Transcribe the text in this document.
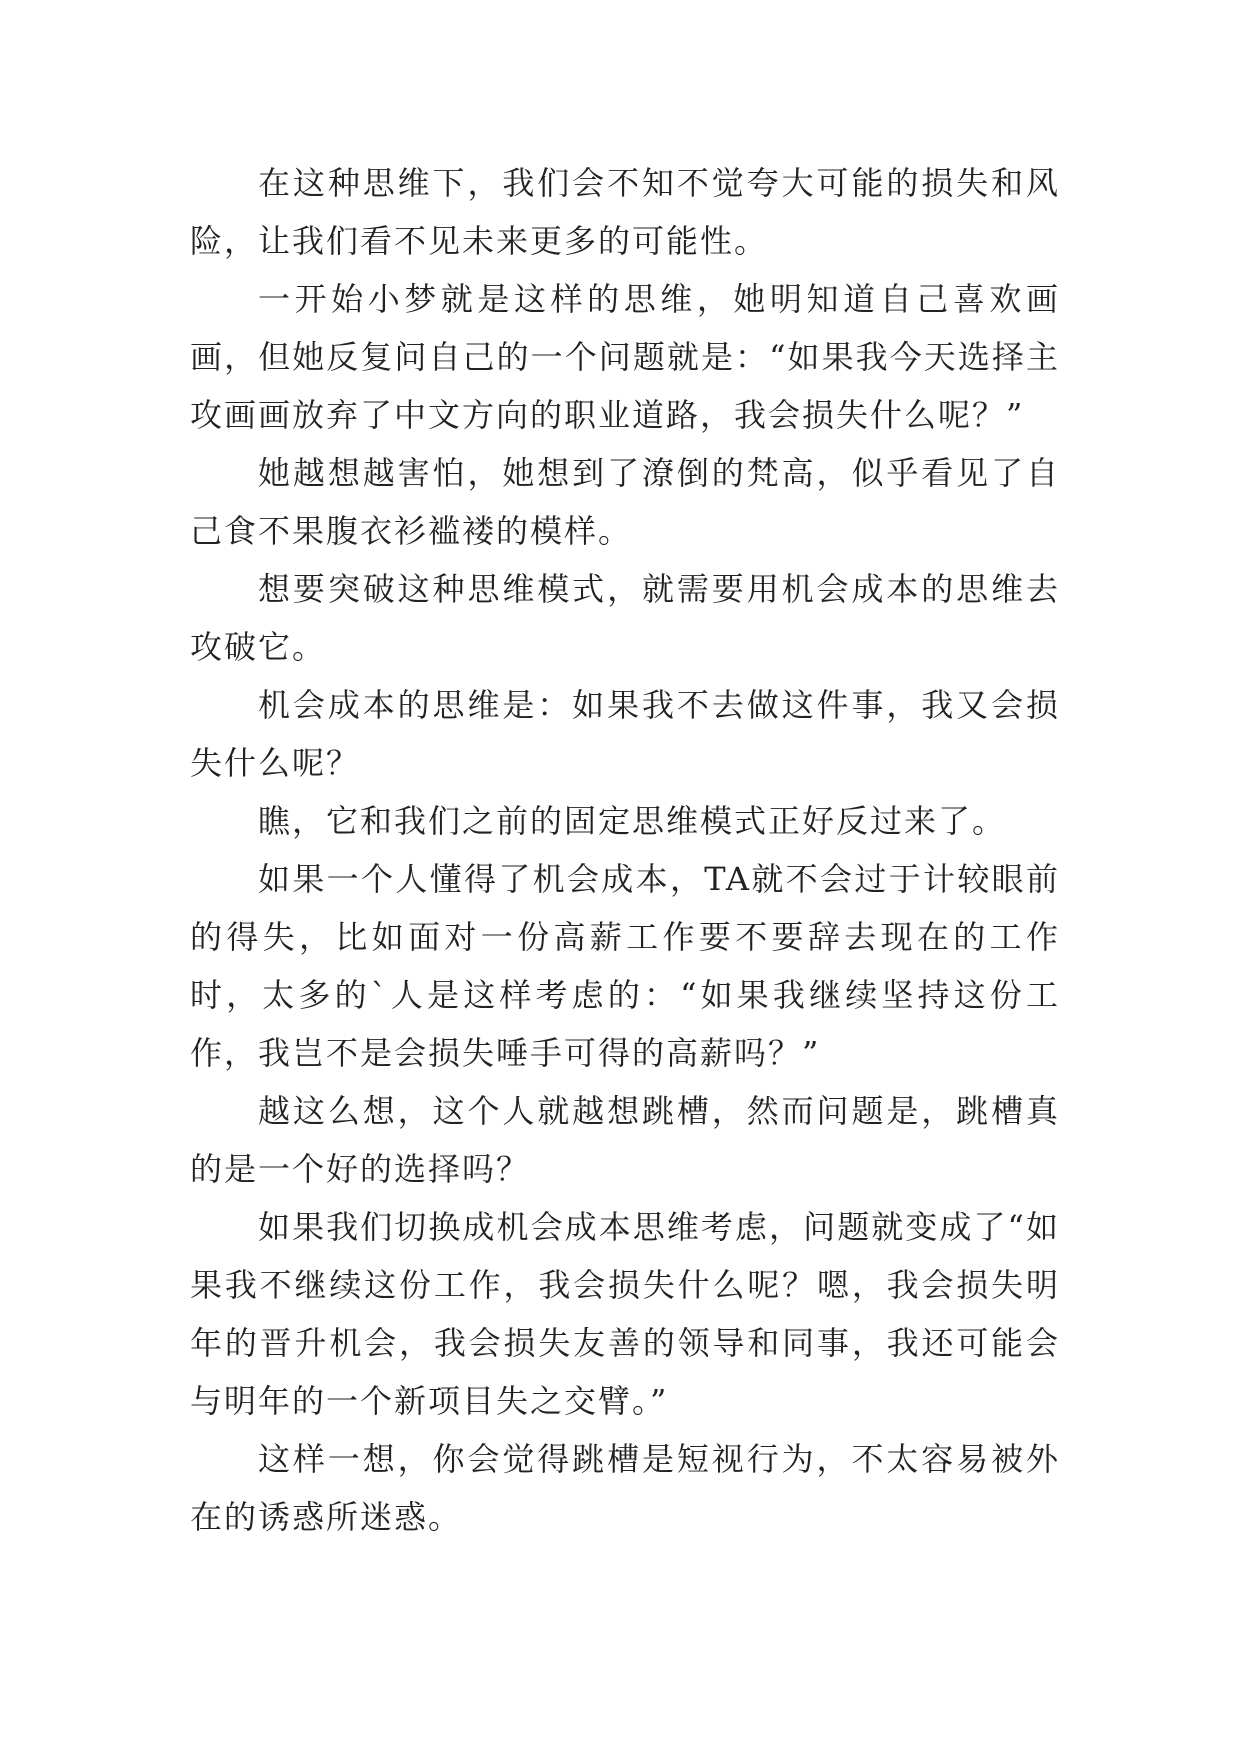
在这种思维下，我们会不知不觉夸大可能的损失和风险，让我们看不见未来更多的可能性。

一开始小梦就是这样的思维，她明知道自己喜欢画画，但她反复问自己的一个问题就是：“如果我今天选择主攻画画放弃了中文方向的职业道路，我会损失什么呢？”

她越想越害怕，她想到了潦倒的梵高，似乎看见了自己食不果腹衣衫褴褛的模样。

想要突破这种思维模式，就需要用机会成本的思维去攻破它。

机会成本的思维是：如果我不去做这件事，我又会损失什么呢？

瞧，它和我们之前的固定思维模式正好反过来了。

如果一个人懂得了机会成本，TA就不会过于计较眼前的得失，比如面对一份高薪工作要不要辞去现在的工作时，太多的`人是这样考虑的：“如果我继续坚持这份工作，我岂不是会损失唾手可得的高薪吗？”

越这么想，这个人就越想跳槽，然而问题是，跳槽真的是一个好的选择吗？

如果我们切换成机会成本思维考虑，问题就变成了“如果我不继续这份工作，我会损失什么呢？嗯，我会损失明年的晋升机会，我会损失友善的领导和同事，我还可能会与明年的一个新项目失之交臂。”

这样一想，你会觉得跳槽是短视行为，不太容易被外在的诱惑所迷惑。
